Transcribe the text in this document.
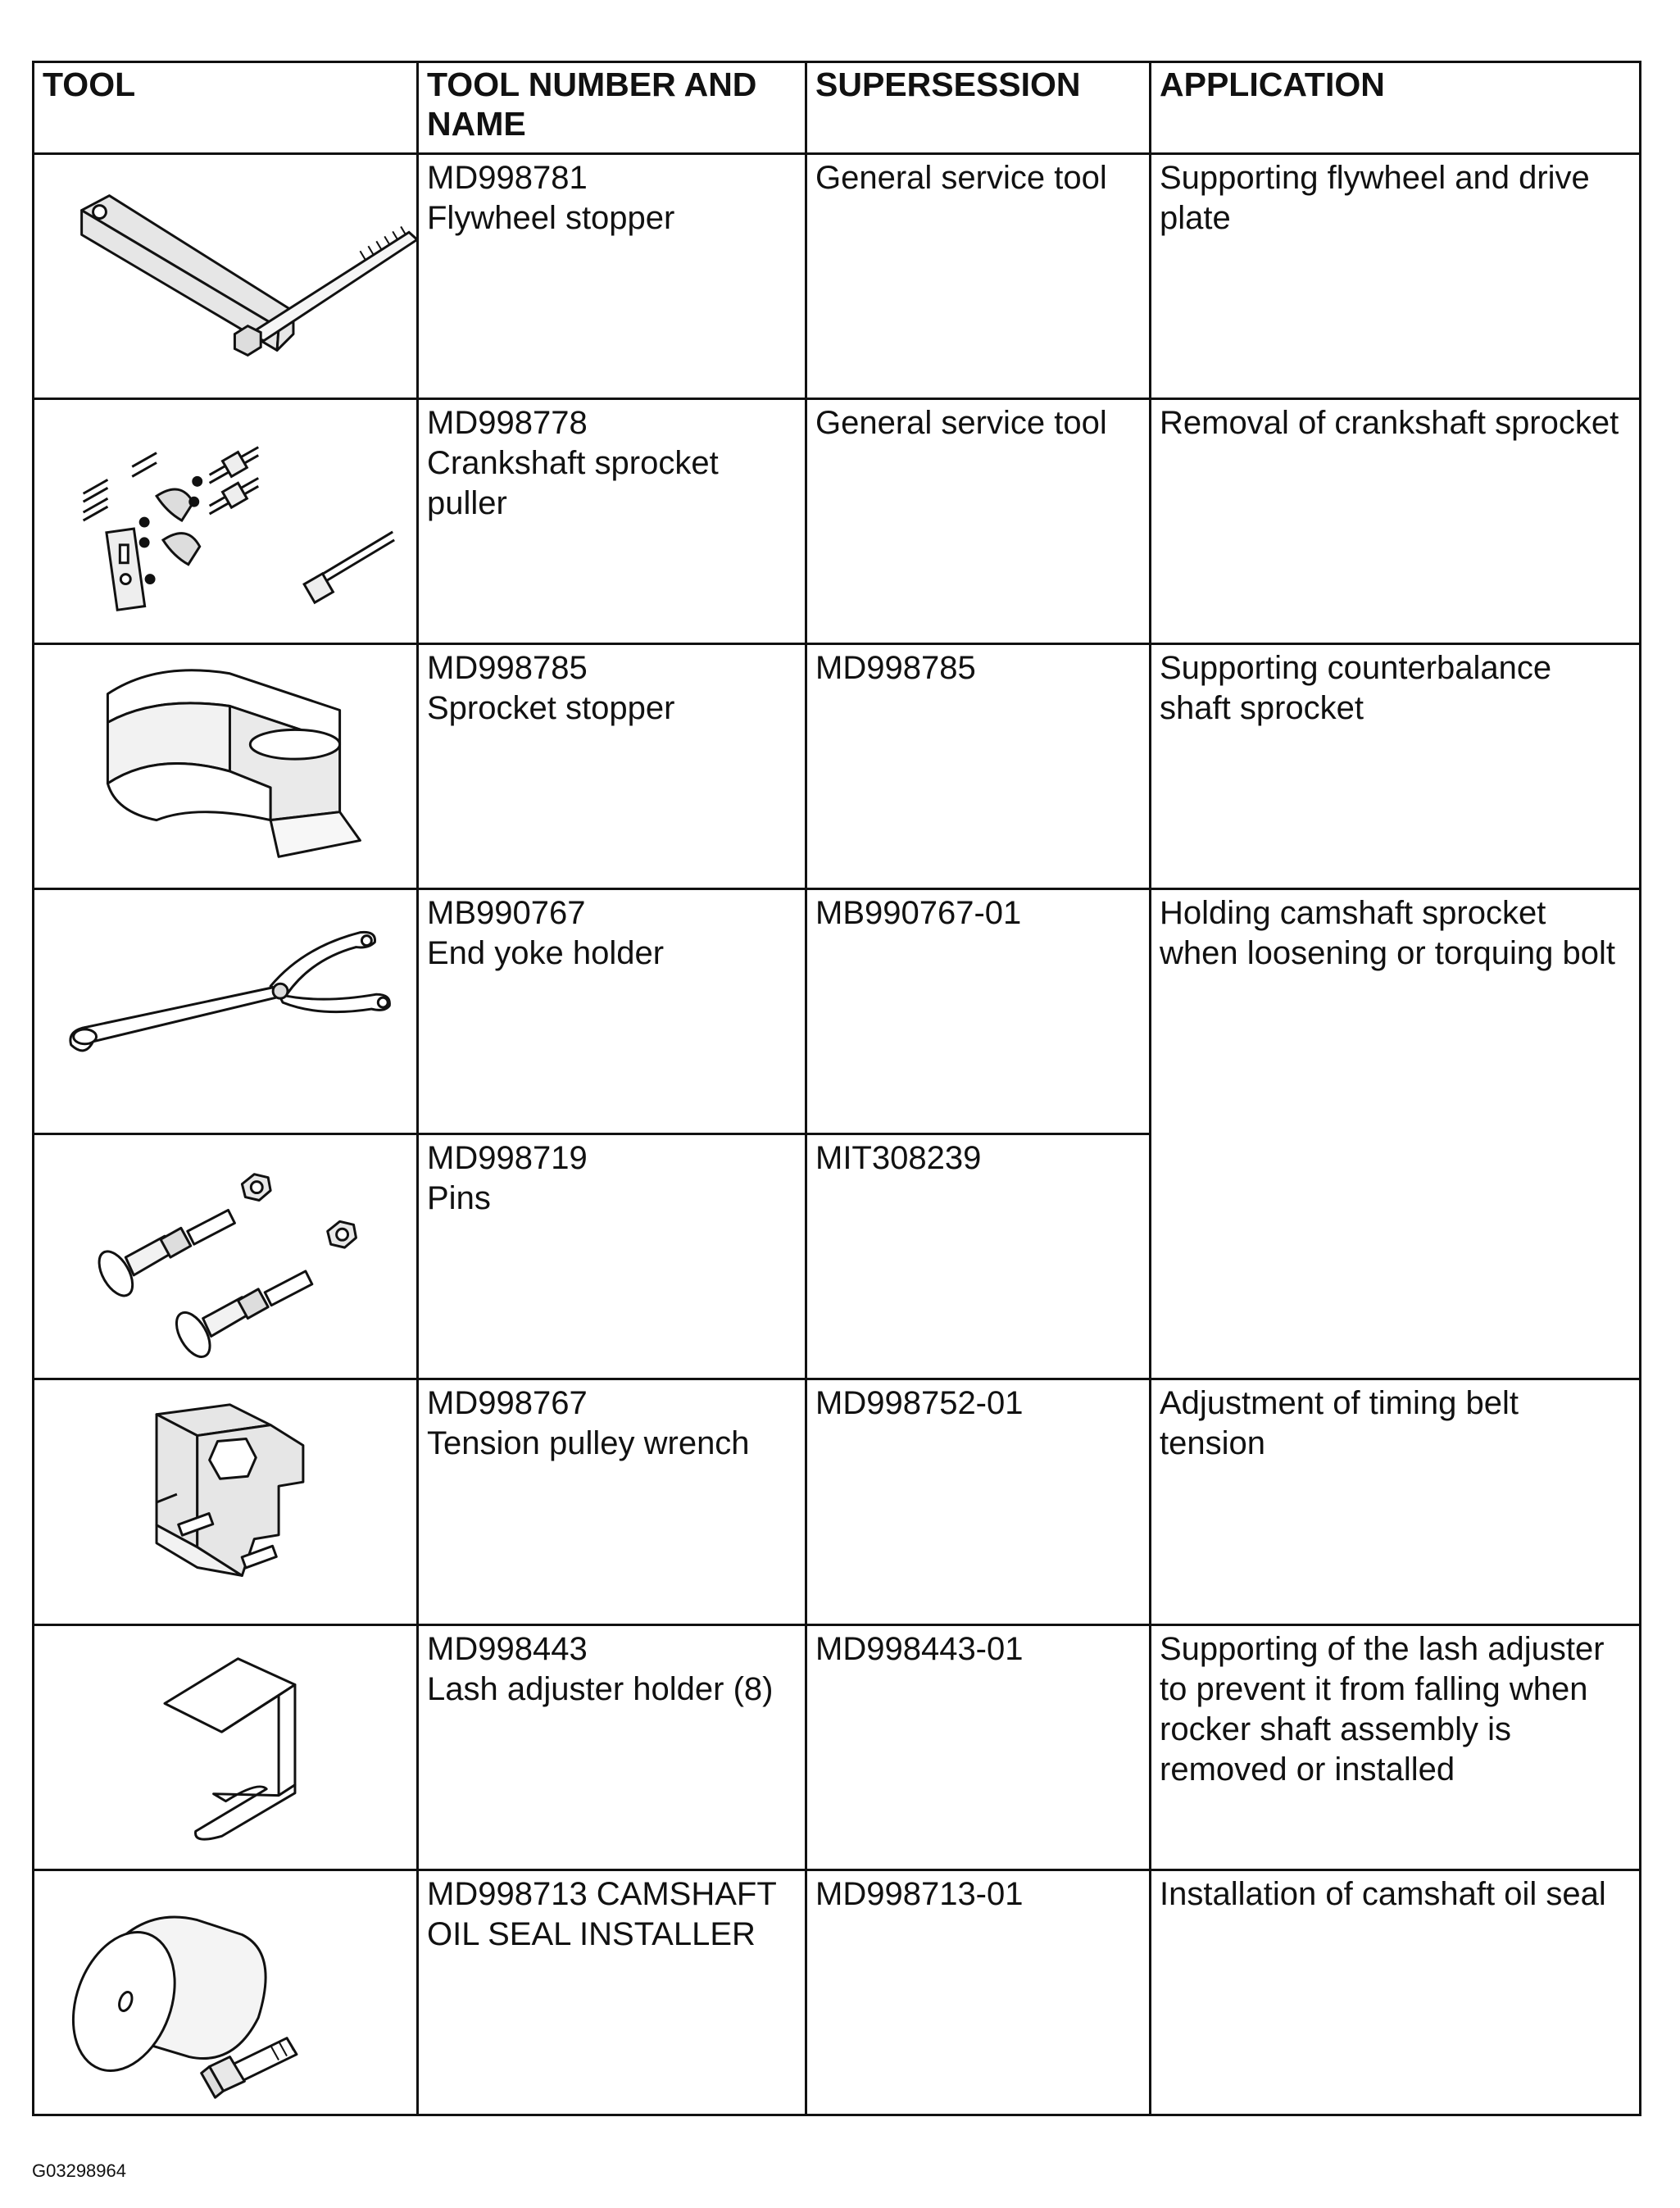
TOOL	TOOL NUMBER AND
NAME	SUPERSESSION	APPLICATION

MD998781
Flywheel stopper	General service tool	Supporting flywheel and drive
plate

MD998778
Crankshaft sprocket
puller	General service tool	Removal of crankshaft sprocket

MD998785
Sprocket stopper	MD998785	Supporting counterbalance
shaft sprocket

MB990767
End yoke holder	MB990767-01	Holding camshaft sprocket
when loosening or torquing bolt

MD998719
Pins	MIT308239	

MD998767
Tension pulley wrench	MD998752-01	Adjustment of timing belt
tension

MD998443
Lash adjuster holder (8)	MD998443-01	Supporting of the lash adjuster
to prevent it from falling when
rocker shaft assembly is
removed or installed

MD998713 CAMSHAFT
OIL SEAL INSTALLER	MD998713-01	Installation of camshaft oil seal
G03298964
